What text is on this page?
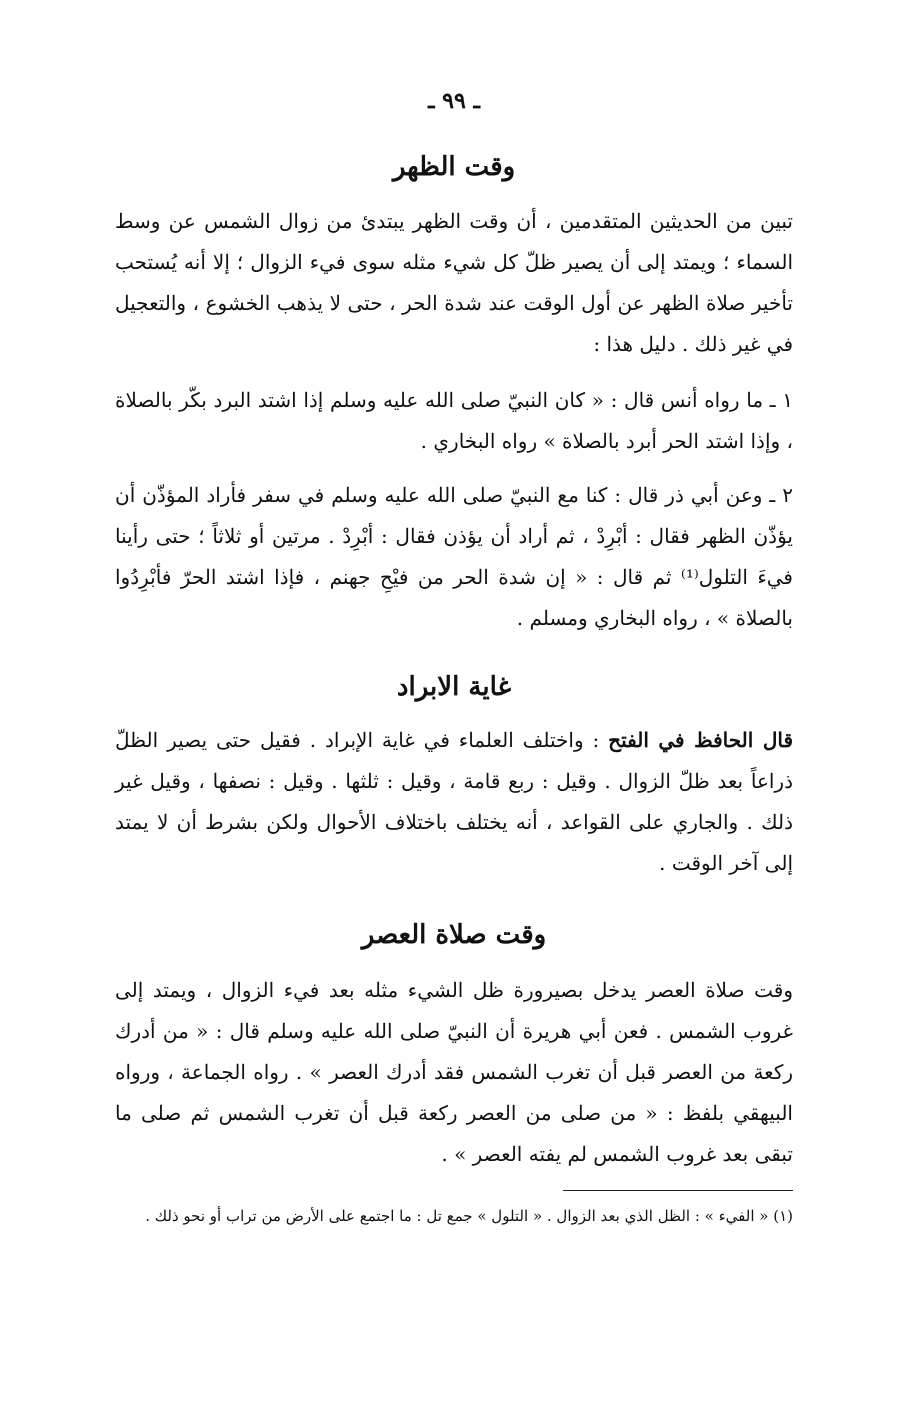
ـ ٩٩ ـ
وقت الظهر
تبين من الحديثين المتقدمين ، أن وقت الظهر يبتدئ من زوال الشمس عن وسط السماء ؛ ويمتد إلى أن يصير ظلّ كل شيء مثله سوى فيء الزوال ؛ إلا أنه يُستحب تأخير صلاة الظهر عن أول الوقت عند شدة الحر ، حتى لا يذهب الخشوع ، والتعجيل في غير ذلك . دليل هذا :
١ ـ ما رواه أنس قال : « كان النبيّ صلى الله عليه وسلم إذا اشتد البرد بكّر بالصلاة ، وإذا اشتد الحر أبرد بالصلاة » رواه البخاري .
٢ ـ وعن أبي ذر قال : كنا مع النبيّ صلى الله عليه وسلم في سفر فأراد المؤذّن أن يؤذّن الظهر فقال : أبْرِدْ ، ثم أراد أن يؤذن فقال : أبْرِدْ . مرتين أو ثلاثاً ؛ حتى رأينا فيءَ التلول⁽¹⁾ ثم قال : « إن شدة الحر من فيْحِ جهنم ، فإذا اشتد الحرّ فأبْرِدُوا بالصلاة » ، رواه البخاري ومسلم .
غاية الابراد
قال الحافظ في الفتح : واختلف العلماء في غاية الإبراد . فقيل حتى يصير الظلّ ذراعاً بعد ظلّ الزوال . وقيل : ربع قامة ، وقيل : ثلثها . وقيل : نصفها ، وقيل غير ذلك . والجاري على القواعد ، أنه يختلف باختلاف الأحوال ولكن بشرط أن لا يمتد إلى آخر الوقت .
وقت صلاة العصر
وقت صلاة العصر يدخل بصيرورة ظل الشيء مثله بعد فيء الزوال ، ويمتد إلى غروب الشمس . فعن أبي هريرة أن النبيّ صلى الله عليه وسلم قال : « من أدرك ركعة من العصر قبل أن تغرب الشمس فقد أدرك العصر » . رواه الجماعة ، ورواه البيهقي بلفظ : « من صلى من العصر ركعة قبل أن تغرب الشمس ثم صلى ما تبقى بعد غروب الشمس لم يفته العصر » .
(١) « الفيء » : الظل الذي بعد الزوال . « التلول » جمع تل : ما اجتمع على الأرض من تراب أو نحو ذلك .
